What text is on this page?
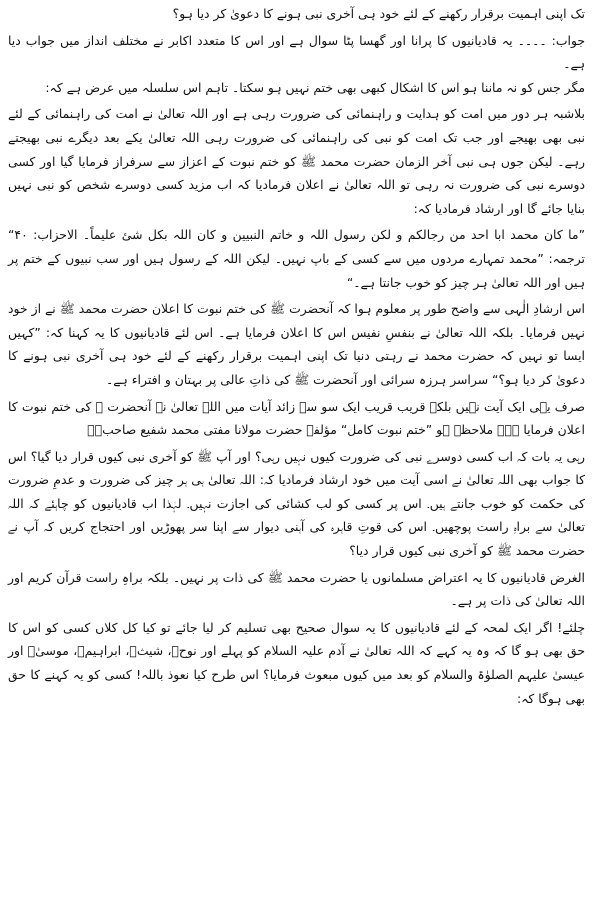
تک اپنی اہمیت برقرار رکھنے کے لئے خود ہی آخری نبی ہونے کا دعویٰ کر دیا ہو؟

جواب: ۔۔۔۔ یہ قادیانیوں کا پرانا اور گھسا پٹا سوال ہے اور اس کا متعدد اکابر نے مختلف انداز میں جواب دیا ہے۔

مگر جس کو نہ ماننا ہو اس کا اشکال کبھی بھی ختم نہیں ہو سکتا۔ تاہم اس سلسلہ میں عرض ہے کہ:

بلاشبہ ہر دور میں امت کو ہدایت و راہنمائی کی ضرورت رہی ہے اور اللہ تعالیٰ نے امت کی راہنمائی کے لئے نبی بھی بھیجے اور جب تک امت کو نبی کی راہنمائی کی ضرورت رہی اللہ تعالیٰ یکے بعد دیگرے نبی بھیجتے رہے۔ لیکن جوں ہی نبی آخر الزمان حضرت محمد ﷺ کو ختم نبوت کے اعزاز سے سرفراز فرمایا گیا اور کسی دوسرے نبی کی ضرورت نہ رہی تو اللہ تعالیٰ نے اعلان فرمادیا کہ اب مزید کسی دوسرے شخص کو نبی نہیں بنایا جائے گا اور ارشاد فرمادیا کہ:

”ما کان محمد ابا احد من رجالکم و لکن رسول اللہ و خاتم النبیین و کان اللہ بکل شئ علیماً۔ الاحزاب: ۴۰“ ترجمہ: ”محمد تمہارے مردوں میں سے کسی کے باپ نہیں۔ لیکن اللہ کے رسول ہیں اور سب نبیوں کے ختم پر ہیں اور اللہ تعالیٰ ہر چیز کو خوب جانتا ہے۔“

اس ارشادِ الٰہی سے واضح طور پر معلوم ہوا کہ آنحضرت ﷺ کی ختم نبوت کا اعلان حضرت محمد ﷺ نے از خود نہیں فرمایا۔ بلکہ اللہ تعالیٰ نے بنفسِ نفیس اس کا اعلان فرمایا ہے۔ اس لئے قادیانیوں کا یہ کہنا کہ: ”کہیں ایسا تو نہیں کہ حضرت محمد نے رہتی دنیا تک اپنی اہمیت برقرار رکھنے کے لئے خود ہی آخری نبی ہونے کا دعویٰ کر دیا ہو؟“ سراسر ہرزہ سرائی اور آنحضرت ﷺ کی ذاتِ عالی پر بہتان و افتراء ہے۔

صرف یہی ایک آیت نہیں بلکہ قریب قریب ایک سو سے زائد آیات میں اللہ تعالیٰ نے آنحضرت ﷺ کی ختم نبوت کا اعلان فرمایا ہے۔ ملاحظہ ہو ”ختم نبوت کامل“ مؤلفہ حضرت مولانا مفتی محمد شفیع صاحبؒ۔

رہی یہ بات کہ اب کسی دوسرے نبی کی ضرورت کیوں نہیں رہی؟ اور آپ ﷺ کو آخری نبی کیوں قرار دیا گیا؟ اس کا جواب بھی اللہ تعالیٰ نے اسی آیت میں خود ارشاد فرمادیا کہ: اللہ تعالیٰ ہی ہر چیز کی ضرورت و عدمِ ضرورت کی حکمت کو خوب جانتے ہیں۔ اس پر کسی کو لب کشائی کی اجازت نہیں۔ لہٰذا اب قادیانیوں کو چاہئے کہ اللہ تعالیٰ سے براہِ راست پوچھیں۔ اس کی قوتِ قاہرہ کی آہنی دیوار سے اپنا سر پھوڑیں اور احتجاج کریں کہ آپ نے حضرت محمد ﷺ کو آخری نبی کیوں قرار دیا؟

الغرض قادیانیوں کا یہ اعتراض مسلمانوں یا حضرت محمد ﷺ کی ذات پر نہیں۔ بلکہ براہِ راست قرآن کریم اور اللہ تعالیٰ کی ذات پر ہے۔

چلئے! اگر ایک لمحہ کے لئے قادیانیوں کا یہ سوال صحیح بھی تسلیم کر لیا جائے تو کیا کل کلاں کسی کو اس کا حق بھی ہو گا کہ وہ یہ کہے کہ اللہ تعالیٰ نے آدم علیہ السلام کو پہلے اور نوحؑ، شیثؑ، ابراہیمؑ، موسیٰؑ اور عیسیٰ علیہم الصلوٰۃ والسلام کو بعد میں کیوں مبعوث فرمایا؟ اس طرح کیا نعوذ باللہ! کسی کو یہ کہنے کا حق بھی ہوگا کہ:
